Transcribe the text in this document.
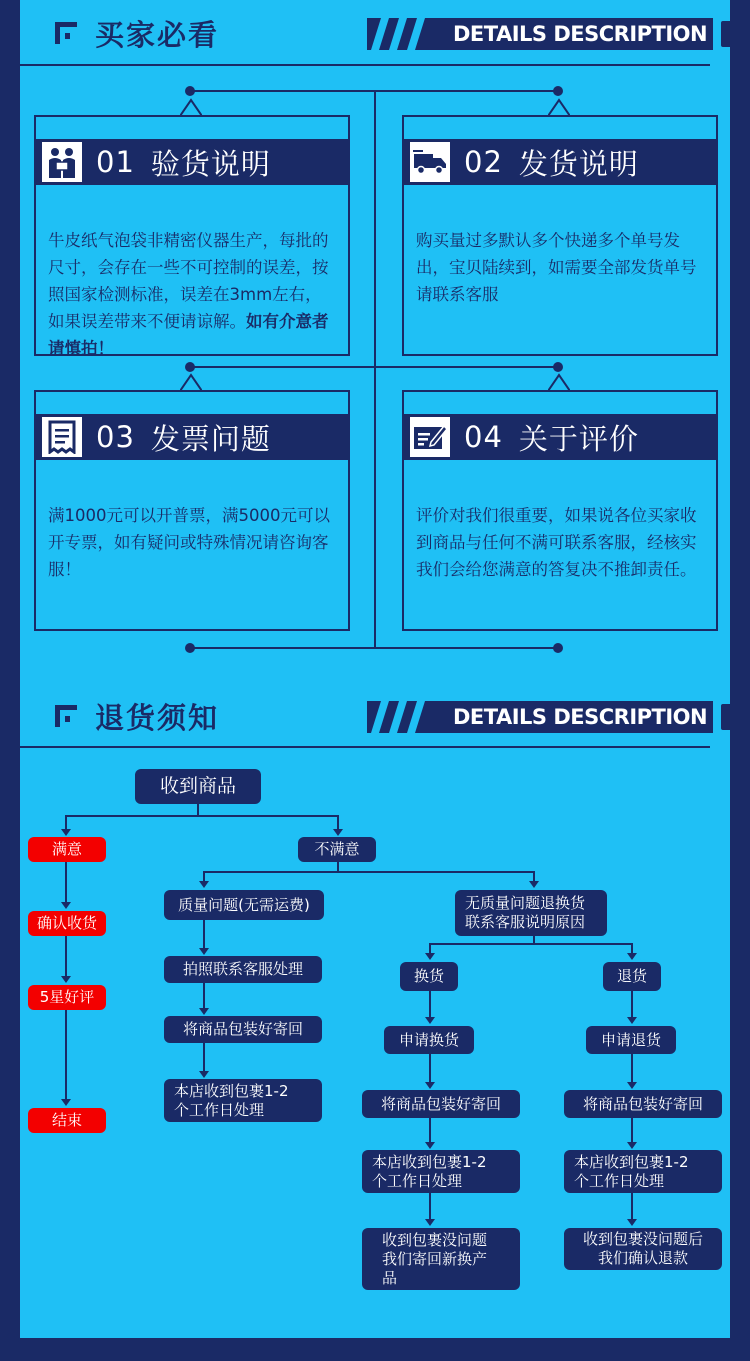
买家必看	DETAILS DESCRIPTION
01 验货说明
牛皮纸气泡袋非精密仪器生产，每批的尺寸，会存在一些不可控制的误差，按照国家检测标准，误差在3mm左右，如果误差带来不便请谅解。如有介意者请慎拍！
02 发货说明
购买量过多默认多个快递多个单号发出，宝贝陆续到，如需要全部发货单号请联系客服
03 发票问题
满1000元可以开普票，满5000元可以开专票，如有疑问或特殊情况请咨询客服！
04 关于评价
评价对我们很重要，如果说各位买家收到商品与任何不满可联系客服，经核实我们会给您满意的答复决不推卸责任。
退货须知	DETAILS DESCRIPTION
收到商品
满意	不满意
确认收货
5星好评
结束
质量问题(无需运费)
拍照联系客服处理
将商品包装好寄回
本店收到包裹1-2
个工作日处理
无质量问题退换货
联系客服说明原因
换货	退货
申请换货
将商品包装好寄回
本店收到包裹1-2
个工作日处理
收到包裹没问题
我们寄回新换产
品
申请退货
将商品包装好寄回
本店收到包裹1-2
个工作日处理
收到包裹没问题后
我们确认退款
